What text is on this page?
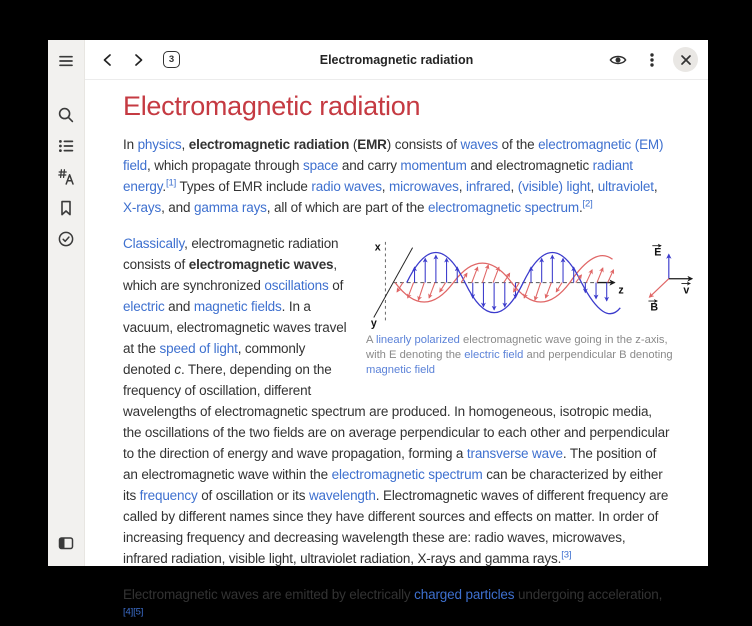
3	Electromagnetic radiation
Electromagnetic radiation

In physics, electromagnetic radiation (EMR) consists of waves of the electromagnetic (EM) field, which propagate through space and carry momentum and electromagnetic radiant energy.[1] Types of EMR include radio waves, microwaves, infrared, (visible) light, ultraviolet, X-rays, and gamma rays, all of which are part of the electromagnetic spectrum.[2]

x
y
z
E
v
B
A linearly polarized electromagnetic wave going in the z-axis, with E denoting the electric field and perpendicular B denoting magnetic field
Classically, electromagnetic radiation consists of electromagnetic waves, which are synchronized oscillations of electric and magnetic fields. In a vacuum, electromagnetic waves travel at the speed of light, commonly denoted c. There, depending on the frequency of oscillation, different wavelengths of electromagnetic spectrum are produced. In homogeneous, isotropic media, the oscillations of the two fields are on average perpendicular to each other and perpendicular to the direction of energy and wave propagation, forming a transverse wave. The position of an electromagnetic wave within the electromagnetic spectrum can be characterized by either its frequency of oscillation or its wavelength. Electromagnetic waves of different frequency are called by different names since they have different sources and effects on matter. In order of increasing frequency and decreasing wavelength these are: radio waves, microwaves, infrared radiation, visible light, ultraviolet radiation, X-rays and gamma rays.[3]

Electromagnetic waves are emitted by electrically charged particles undergoing acceleration,[4][5]
